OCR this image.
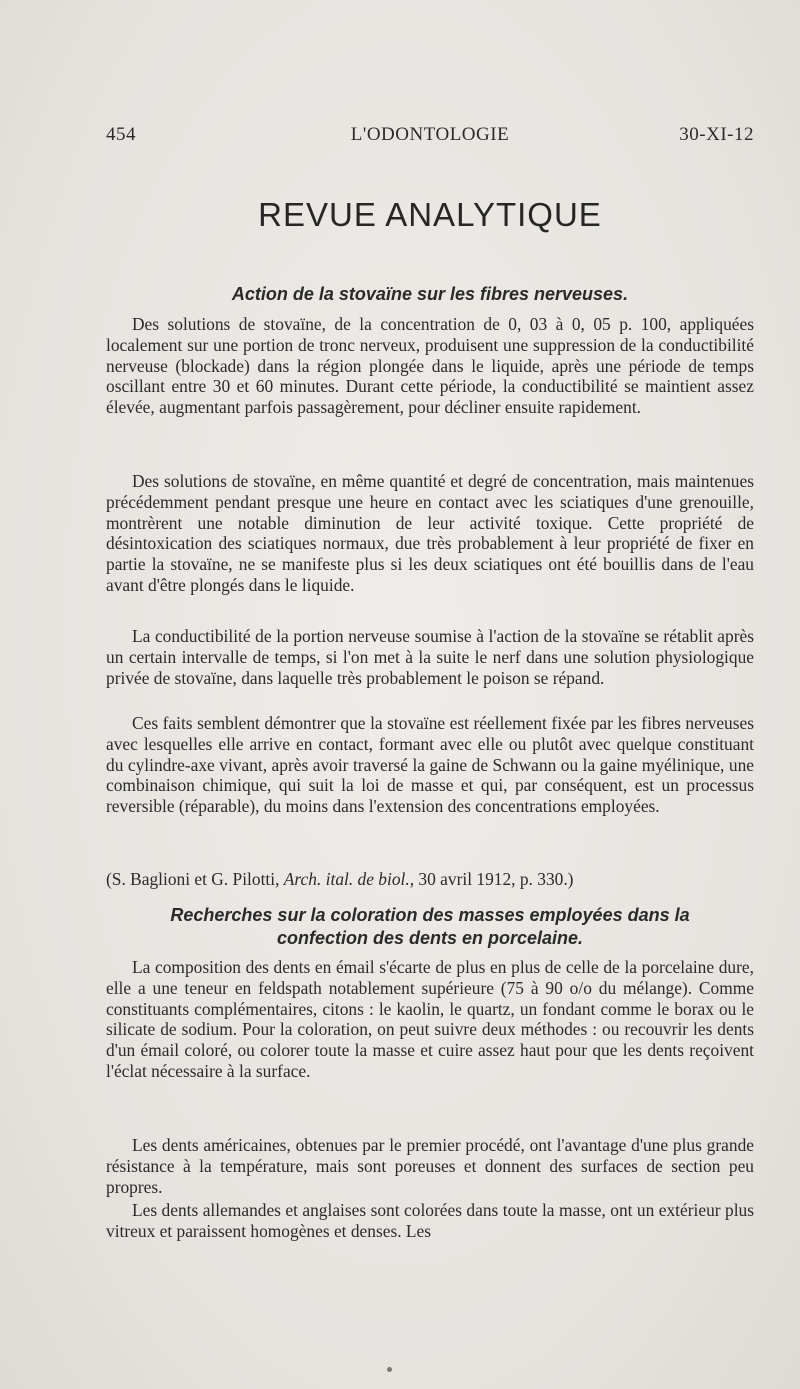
454	L'ODONTOLOGIE	30-XI-12
REVUE ANALYTIQUE
Action de la stovaïne sur les fibres nerveuses.

Des solutions de stovaïne, de la concentration de 0, 03 à 0, 05 p. 100, appliquées localement sur une portion de tronc nerveux, produisent une suppression de la conductibilité nerveuse (blockade) dans la région plongée dans le liquide, après une période de temps oscillant entre 30 et 60 minutes. Durant cette période, la conductibilité se maintient assez élevée, augmentant parfois passagèrement, pour décliner ensuite rapidement.

Des solutions de stovaïne, en même quantité et degré de concentration, mais maintenues précédemment pendant presque une heure en contact avec les sciatiques d'une grenouille, montrèrent une notable diminution de leur activité toxique. Cette propriété de désintoxication des sciatiques normaux, due très probablement à leur propriété de fixer en partie la stovaïne, ne se manifeste plus si les deux sciatiques ont été bouillis dans de l'eau avant d'être plongés dans le liquide.

La conductibilité de la portion nerveuse soumise à l'action de la stovaïne se rétablit après un certain intervalle de temps, si l'on met à la suite le nerf dans une solution physiologique privée de stovaïne, dans laquelle très probablement le poison se répand.

Ces faits semblent démontrer que la stovaïne est réellement fixée par les fibres nerveuses avec lesquelles elle arrive en contact, formant avec elle ou plutôt avec quelque constituant du cylindre-axe vivant, après avoir traversé la gaine de Schwann ou la gaine myélinique, une combinaison chimique, qui suit la loi de masse et qui, par conséquent, est un processus reversible (réparable), du moins dans l'extension des concentrations employées.

(S. Baglioni et G. Pilotti, Arch. ital. de biol., 30 avril 1912, p. 330.)

Recherches sur la coloration des masses employées dans la
confection des dents en porcelaine.

La composition des dents en émail s'écarte de plus en plus de celle de la porcelaine dure, elle a une teneur en feldspath notablement supérieure (75 à 90 o/o du mélange). Comme constituants complémentaires, citons : le kaolin, le quartz, un fondant comme le borax ou le silicate de sodium. Pour la coloration, on peut suivre deux méthodes : ou recouvrir les dents d'un émail coloré, ou colorer toute la masse et cuire assez haut pour que les dents reçoivent l'éclat nécessaire à la surface.

Les dents américaines, obtenues par le premier procédé, ont l'avantage d'une plus grande résistance à la température, mais sont poreuses et donnent des surfaces de section peu propres.

Les dents allemandes et anglaises sont colorées dans toute la masse, ont un extérieur plus vitreux et paraissent homogènes et denses. Les
